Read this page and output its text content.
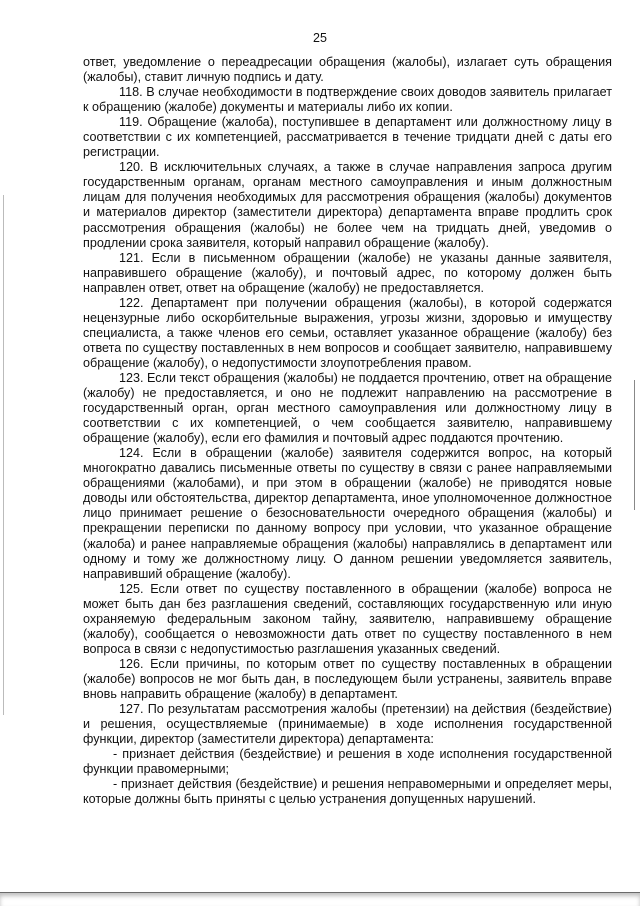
25

ответ, уведомление о переадресации обращения (жалобы), излагает суть обращения (жалобы), ставит личную подпись и дату.

118. В случае необходимости в подтверждение своих доводов заявитель прилагает к обращению (жалобе) документы и материалы либо их копии.

119. Обращение (жалоба), поступившее в департамент или должностному лицу в соответствии с их компетенцией, рассматривается в течение тридцати дней с даты его регистрации.

120. В исключительных случаях, а также в случае направления запроса другим государственным органам, органам местного самоуправления и иным должностным лицам для получения необходимых для рассмотрения обращения (жалобы) документов и материалов директор (заместители директора) департамента вправе продлить срок рассмотрения обращения (жалобы) не более чем на тридцать дней, уведомив о продлении срока заявителя, который направил обращение (жалобу).

121. Если в письменном обращении (жалобе) не указаны данные заявителя, направившего обращение (жалобу), и почтовый адрес, по которому должен быть направлен ответ, ответ на обращение (жалобу) не предоставляется.

122. Департамент при получении обращения (жалобы), в которой содержатся нецензурные либо оскорбительные выражения, угрозы жизни, здоровью и имуществу специалиста, а также членов его семьи, оставляет указанное обращение (жалобу) без ответа по существу поставленных в нем вопросов и сообщает заявителю, направившему обращение (жалобу), о недопустимости злоупотребления правом.

123. Если текст обращения (жалобы) не поддается прочтению, ответ на обращение (жалобу) не предоставляется, и оно не подлежит направлению на рассмотрение в государственный орган, орган местного самоуправления или должностному лицу в соответствии с их компетенцией, о чем сообщается заявителю, направившему обращение (жалобу), если его фамилия и почтовый адрес поддаются прочтению.

124. Если в обращении (жалобе) заявителя содержится вопрос, на который многократно давались письменные ответы по существу в связи с ранее направляемыми обращениями (жалобами), и при этом в обращении (жалобе) не приводятся новые доводы или обстоятельства, директор департамента, иное уполномоченное должностное лицо принимает решение о безосновательности очередного обращения (жалобы) и прекращении переписки по данному вопросу при условии, что указанное обращение (жалоба) и ранее направляемые обращения (жалобы) направлялись в департамент или одному и тому же должностному лицу. О данном решении уведомляется заявитель, направивший обращение (жалобу).

125. Если ответ по существу поставленного в обращении (жалобе) вопроса не может быть дан без разглашения сведений, составляющих государственную или иную охраняемую федеральным законом тайну, заявителю, направившему обращение (жалобу), сообщается о невозможности дать ответ по существу поставленного в нем вопроса в связи с недопустимостью разглашения указанных сведений.

126. Если причины, по которым ответ по существу поставленных в обращении (жалобе) вопросов не мог быть дан, в последующем были устранены, заявитель вправе вновь направить обращение (жалобу) в департамент.

127. По результатам рассмотрения жалобы (претензии) на действия (бездействие) и решения, осуществляемые (принимаемые) в ходе исполнения государственной функции, директор (заместители директора) департамента:

- признает действия (бездействие) и решения в ходе исполнения государственной функции правомерными;

- признает действия (бездействие) и решения неправомерными и определяет меры, которые должны быть приняты с целью устранения допущенных нарушений.
